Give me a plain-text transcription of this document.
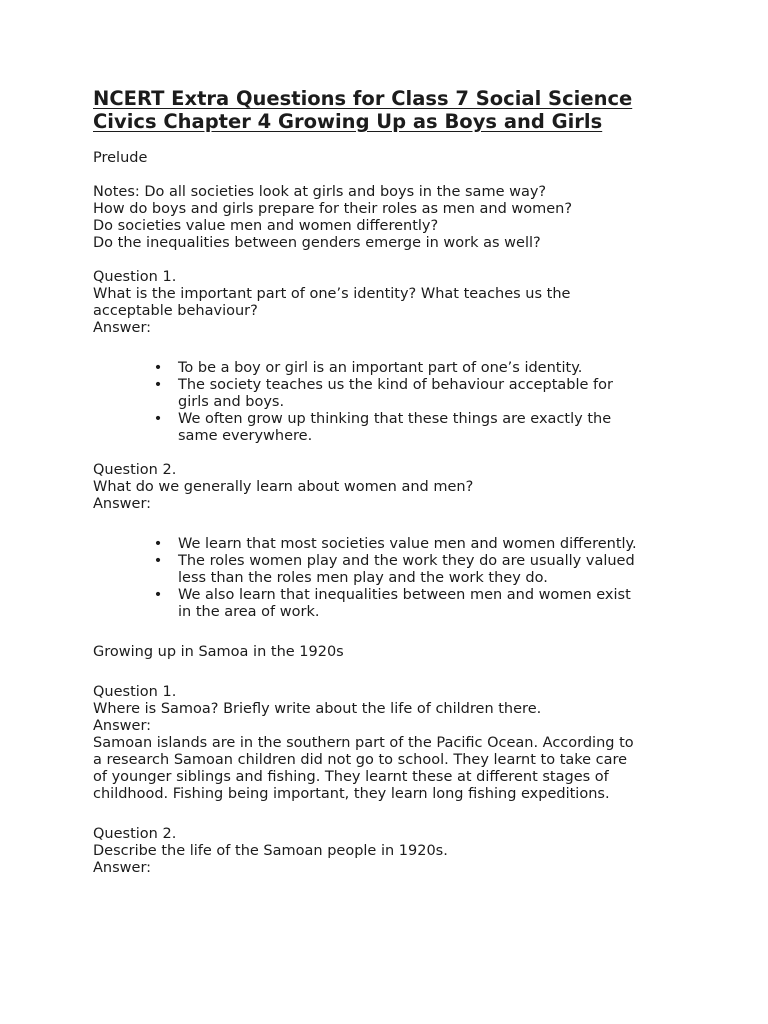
NCERT Extra Questions for Class 7 Social Science
Civics Chapter 4 Growing Up as Boys and Girls

Prelude

Notes: Do all societies look at girls and boys in the same way?
How do boys and girls prepare for their roles as men and women?
Do societies value men and women differently?
Do the inequalities between genders emerge in work as well?

Question 1.
What is the important part of one’s identity? What teaches us the
acceptable behaviour?
Answer:
• To be a boy or girl is an important part of one’s identity.
• The society teaches us the kind of behaviour acceptable for
girls and boys.
• We often grow up thinking that these things are exactly the
same everywhere.
Question 2.
What do we generally learn about women and men?
Answer:
• We learn that most societies value men and women differently.
• The roles women play and the work they do are usually valued
less than the roles men play and the work they do.
• We also learn that inequalities between men and women exist
in the area of work.

Growing up in Samoa in the 1920s

Question 1.
Where is Samoa? Briefly write about the life of children there.
Answer:
Samoan islands are in the southern part of the Pacific Ocean. According to
a research Samoan children did not go to school. They learnt to take care
of younger siblings and fishing. They learnt these at different stages of
childhood. Fishing being important, they learn long fishing expeditions.
Question 2.
Describe the life of the Samoan people in 1920s.
Answer:
